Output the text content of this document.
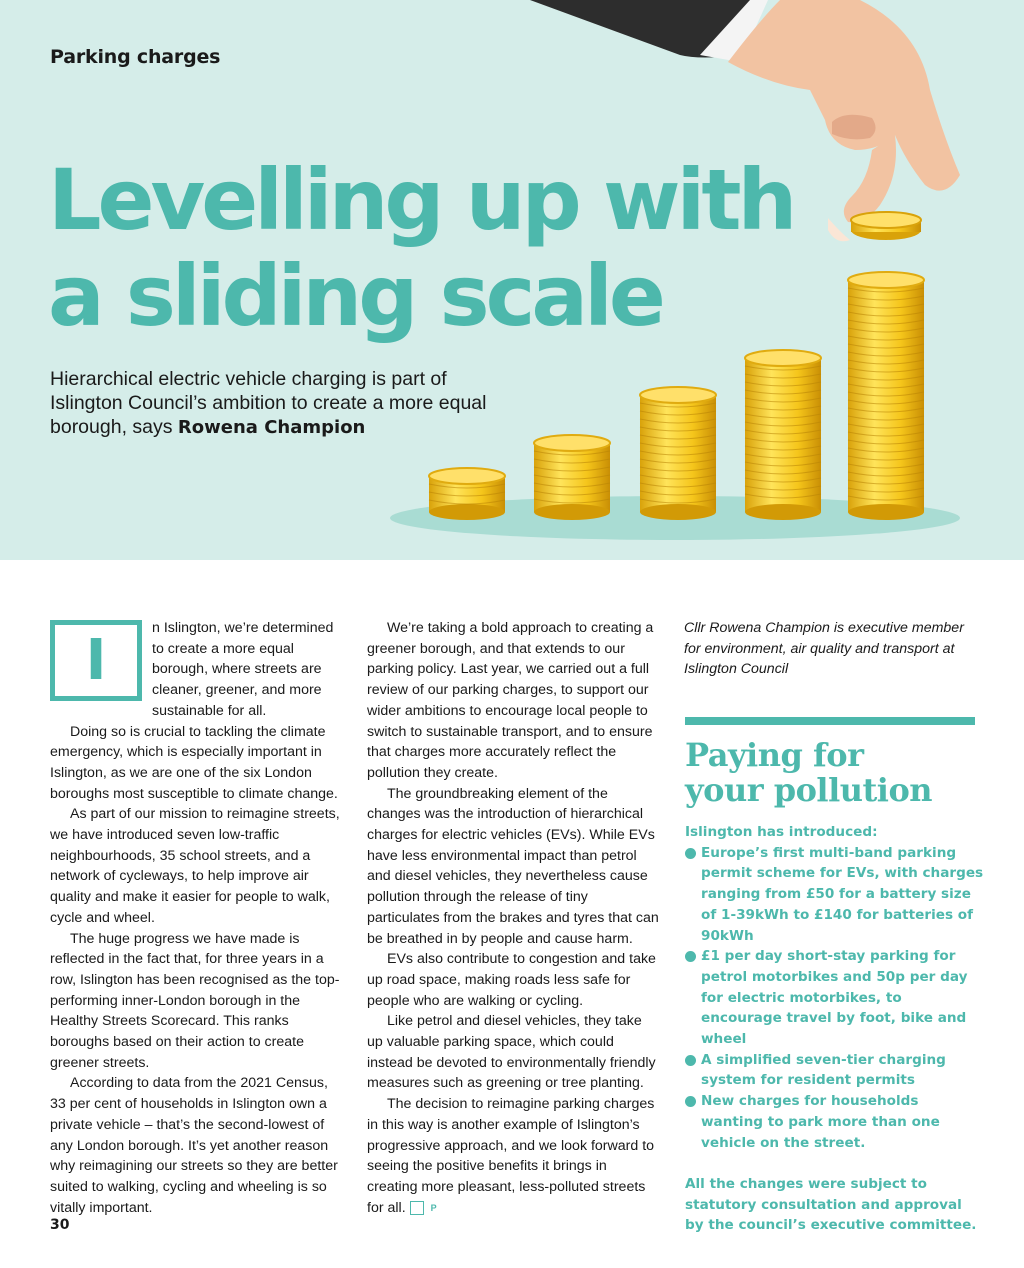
Parking charges
Levelling up with
a sliding scale
Hierarchical electric vehicle charging is part of Islington Council’s ambition to create a more equal borough, says Rowena Champion
I	n Islington, we’re determined to create a more equal borough, where streets are cleaner, greener, and more sustainable for all.

Doing so is crucial to tackling the climate emergency, which is especially important in Islington, as we are one of the six London boroughs most susceptible to climate change.

As part of our mission to reimagine streets, we have introduced seven low-traffic neighbourhoods, 35 school streets, and a network of cycleways, to help improve air quality and make it easier for people to walk, cycle and wheel.

The huge progress we have made is reflected in the fact that, for three years in a row, Islington has been recognised as the top-performing inner-London borough in the Healthy Streets Scorecard. This ranks boroughs based on their action to create greener streets.

According to data from the 2021 Census, 33 per cent of households in Islington own a private vehicle – that’s the second-lowest of any London borough. It’s yet another reason why reimagining our streets so they are better suited to walking, cycling and wheeling is so vitally important.

We’re taking a bold approach to creating a greener borough, and that extends to our parking policy. Last year, we carried out a full review of our parking charges, to support our wider ambitions to encourage local people to switch to sustainable transport, and to ensure that charges more accurately reflect the pollution they create.

The groundbreaking element of the changes was the introduction of hierarchical charges for electric vehicles (EVs). While EVs have less environmental impact than petrol and diesel vehicles, they nevertheless cause pollution through the release of tiny particulates from the brakes and tyres that can be breathed in by people and cause harm.

EVs also contribute to congestion and take up road space, making roads less safe for people who are walking or cycling.

Like petrol and diesel vehicles, they take up valuable parking space, which could instead be devoted to environmentally friendly measures such as greening or tree planting.

The decision to reimagine parking charges in this way is another example of Islington’s progressive approach, and we look forward to seeing the positive benefits it brings in creating more pleasant, less-polluted streets for all.	P

Cllr Rowena Champion is executive member for environment, air quality and transport at Islington Council
Paying for
your pollution

Islington has introduced:

Europe’s first multi-band parking permit scheme for EVs, with charges ranging from £50 for a battery size of 1-39kWh to £140 for batteries of 90kWh
£1 per day short-stay parking for petrol motorbikes and 50p per day for electric motorbikes, to encourage travel by foot, bike and wheel
A simplified seven-tier charging system for resident permits
New charges for households wanting to park more than one vehicle on the street.

All the changes were subject to statutory consultation and approval by the council’s executive committee.

30
